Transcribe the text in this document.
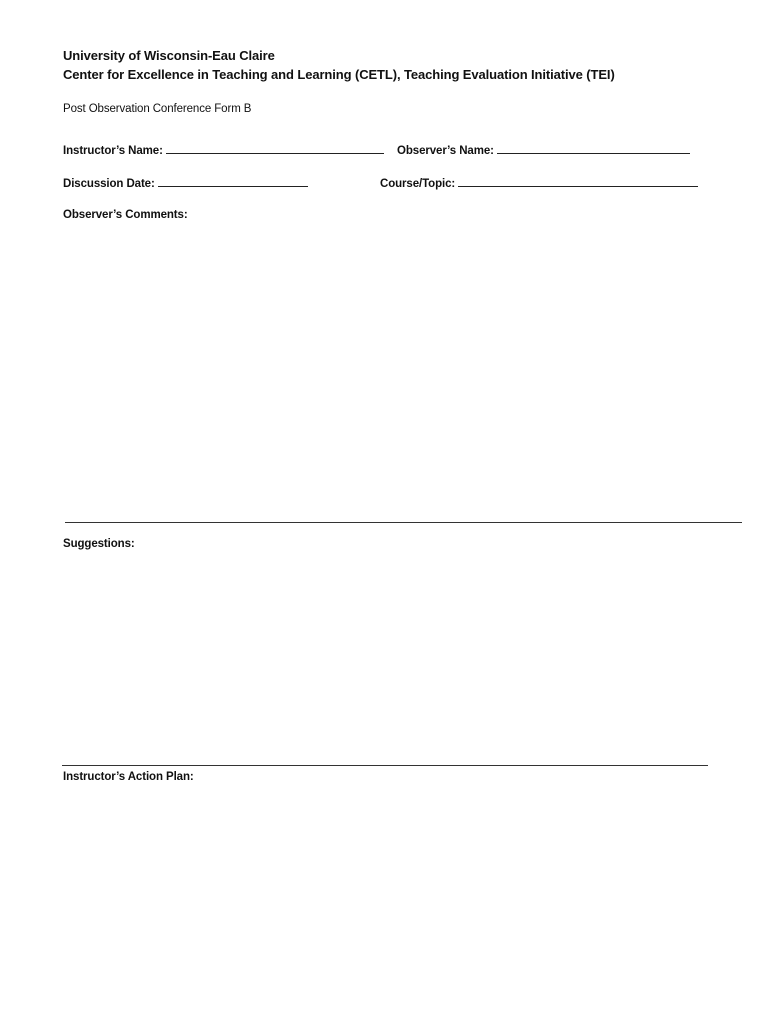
University of Wisconsin-Eau Claire
Center for Excellence in Teaching and Learning (CETL), Teaching Evaluation Initiative (TEI)
Post Observation Conference Form B
Instructor’s Name:	Observer’s Name:
Discussion Date:	Course/Topic:
Observer’s Comments:
Suggestions:
Instructor’s Action Plan:
